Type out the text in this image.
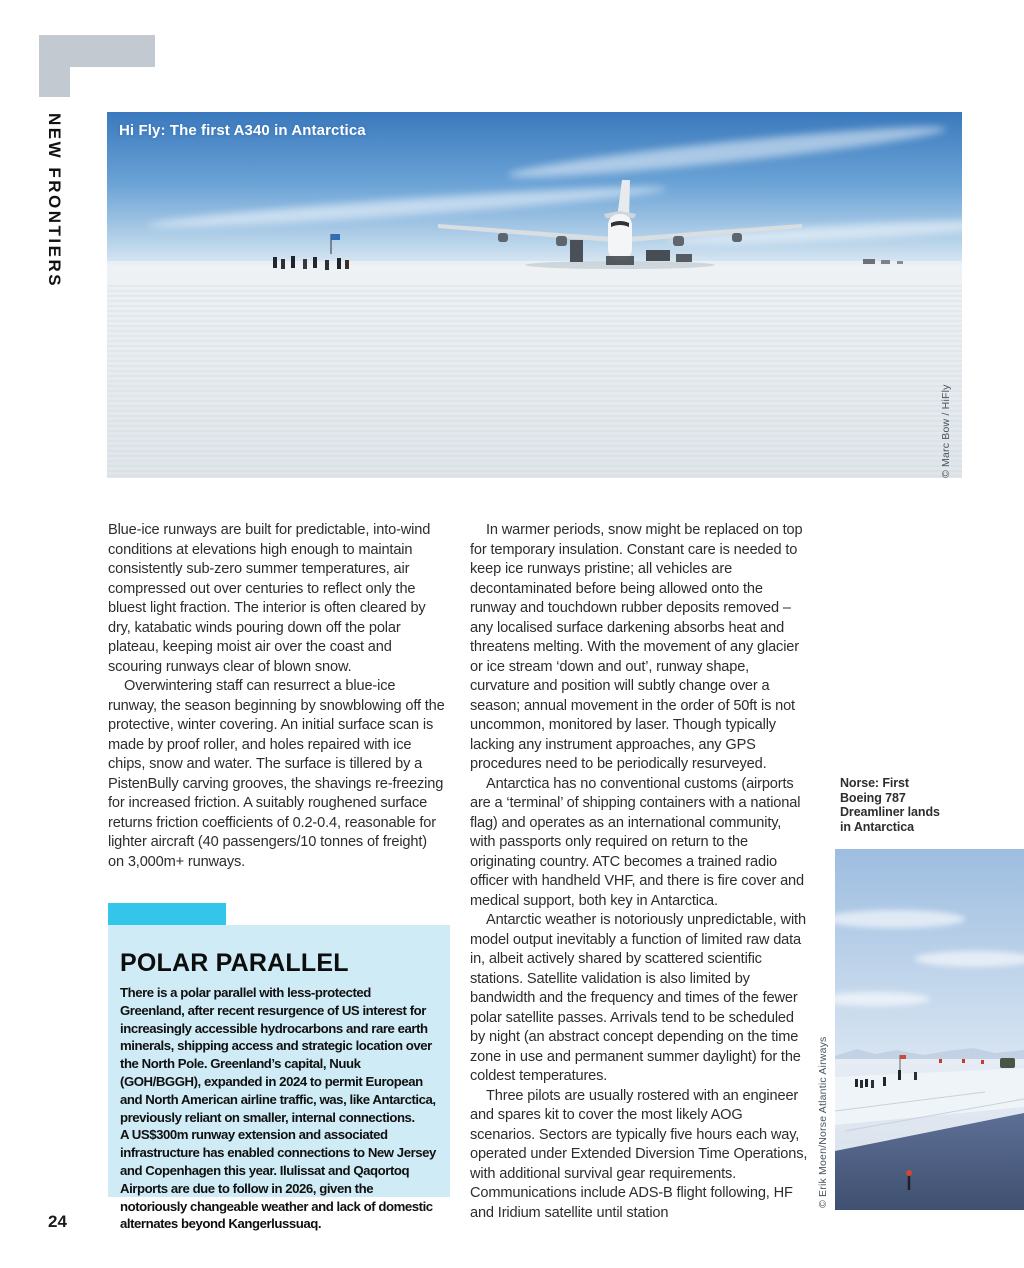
NEW FRONTIERS	Hi Fly: The first A340 in Antarctica
© Marc Bow / HiFly

Blue-ice runways are built for predictable, into-wind conditions at elevations high enough to maintain consistently sub-zero summer temperatures, air compressed out over centuries to reflect only the bluest light fraction. The interior is often cleared by dry, katabatic winds pouring down off the polar plateau, keeping moist air over the coast and scouring runways clear of blown snow.

Overwintering staff can resurrect a blue-ice runway, the season beginning by snowblowing off the protective, winter covering. An initial surface scan is made by proof roller, and holes repaired with ice chips, snow and water. The surface is tillered by a PistenBully carving grooves, the shavings re-freezing for increased friction. A suitably roughened surface returns friction coefficients of 0.2-0.4, reasonable for lighter aircraft (40 passengers/10 tonnes of freight) on 3,000m+ runways.

In warmer periods, snow might be replaced on top for temporary insulation. Constant care is needed to keep ice runways pristine; all vehicles are decontaminated before being allowed onto the runway and touchdown rubber deposits removed – any localised surface darkening absorbs heat and threatens melting. With the movement of any glacier or ice stream ‘down and out’, runway shape, curvature and position will subtly change over a season; annual movement in the order of 50ft is not uncommon, monitored by laser. Though typically lacking any instrument approaches, any GPS procedures need to be periodically resurveyed.

Antarctica has no conventional customs (airports are a ‘terminal’ of shipping containers with a national flag) and operates as an international community, with passports only required on return to the originating country. ATC becomes a trained radio officer with handheld VHF, and there is fire cover and medical support, both key in Antarctica.

Antarctic weather is notoriously unpredictable, with model output inevitably a function of limited raw data in, albeit actively shared by scattered scientific stations. Satellite validation is also limited by bandwidth and the frequency and times of the fewer polar satellite passes. Arrivals tend to be scheduled by night (an abstract concept depending on the time zone in use and permanent summer daylight) for the coldest temperatures.

Three pilots are usually rostered with an engineer and spares kit to cover the most likely AOG scenarios. Sectors are typically five hours each way, operated under Extended Diversion Time Operations, with additional survival gear requirements. Communications include ADS-B flight following, HF and Iridium satellite until station

POLAR PARALLEL

There is a polar parallel with less-protected Greenland, after recent resurgence of US interest for increasingly accessible hydrocarbons and rare earth minerals, shipping access and strategic location over the North Pole. Greenland’s capital, Nuuk (GOH/BGGH), expanded in 2024 to permit European and North American airline traffic, was, like Antarctica, previously reliant on smaller, internal connections.

A US$300m runway extension and associated infrastructure has enabled connections to New Jersey and Copenhagen this year. Ilulissat and Qaqortoq Airports are due to follow in 2026, given the notoriously changeable weather and lack of domestic alternates beyond Kangerlussuaq.

Norse: First Boeing 787 Dreamliner lands in Antarctica
© Erik Moen/Norse Atlantic Airways
24
